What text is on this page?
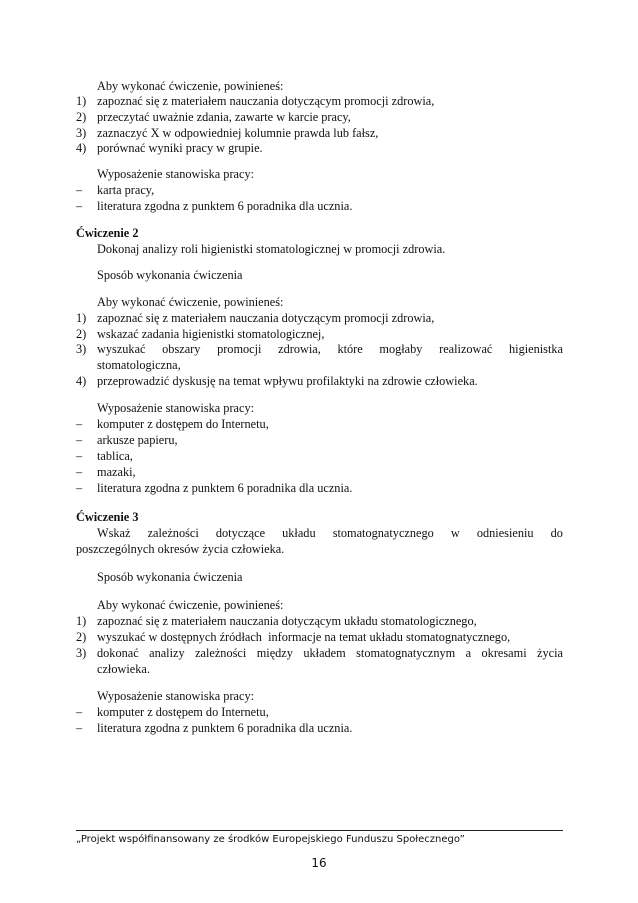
Aby wykonać ćwiczenie, powinieneś:
1) zapoznać się z materiałem nauczania dotyczącym promocji zdrowia,
2) przeczytać uważnie zdania, zawarte w karcie pracy,
3) zaznaczyć X w odpowiedniej kolumnie prawda lub fałsz,
4) porównać wyniki pracy w grupie.
Wyposażenie stanowiska pracy:
– karta pracy,
– literatura zgodna z punktem 6 poradnika dla ucznia.
Ćwiczenie 2
Dokonaj analizy roli higienistki stomatologicznej w promocji zdrowia.
Sposób wykonania ćwiczenia
Aby wykonać ćwiczenie, powinieneś:
1) zapoznać się z materiałem nauczania dotyczącym promocji zdrowia,
2) wskazać zadania higienistki stomatologicznej,
3) wyszukać obszary promocji zdrowia, które mogłaby realizować higienistka
stomatologiczna,
4) przeprowadzić dyskusję na temat wpływu profilaktyki na zdrowie człowieka.
Wyposażenie stanowiska pracy:
– komputer z dostępem do Internetu,
– arkusze papieru,
– tablica,
– mazaki,
– literatura zgodna z punktem 6 poradnika dla ucznia.
Ćwiczenie 3
Wskaż zależności dotyczące układu stomatognatycznego w odniesieniu do
poszczególnych okresów życia człowieka.
Sposób wykonania ćwiczenia
Aby wykonać ćwiczenie, powinieneś:
1) zapoznać się z materiałem nauczania dotyczącym układu stomatologicznego,
2) wyszukać w dostępnych źródłach  informacje na temat układu stomatognatycznego,
3) dokonać analizy zależności między układem stomatognatycznym a okresami życia
człowieka.
Wyposażenie stanowiska pracy:
– komputer z dostępem do Internetu,
– literatura zgodna z punktem 6 poradnika dla ucznia.
„Projekt współfinansowany ze środków Europejskiego Funduszu Społecznego”
16
